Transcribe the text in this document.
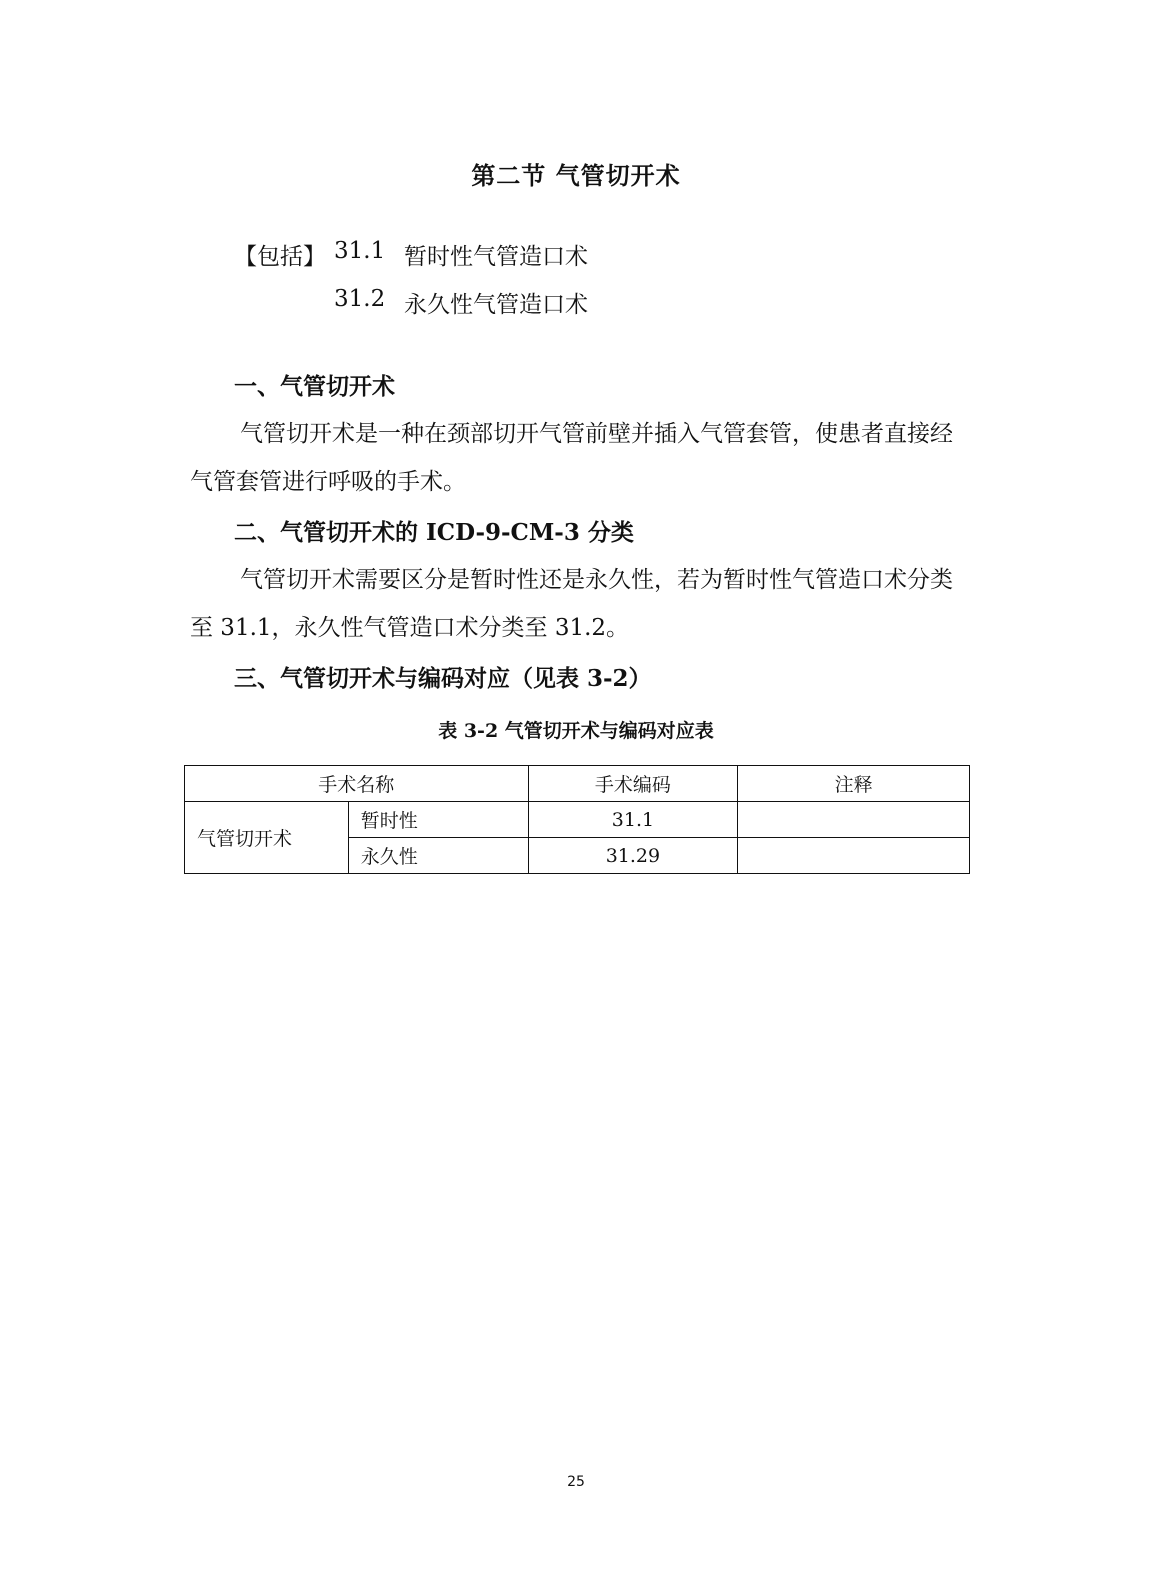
第二节 气管切开术
【包括】 31.1 暂时性气管造口术
31.2 永久性气管造口术
一、气管切开术
气管切开术是一种在颈部切开气管前壁并插入气管套管，使患者直接经气管套管进行呼吸的手术。
二、气管切开术的 ICD-9-CM-3 分类
气管切开术需要区分是暂时性还是永久性，若为暂时性气管造口术分类至 31.1，永久性气管造口术分类至 31.2。
三、气管切开术与编码对应（见表 3-2）
表 3-2 气管切开术与编码对应表
手术名称		手术编码	注释
气管切开术	暂时性	31.1	
	永久性	31.29	
25
